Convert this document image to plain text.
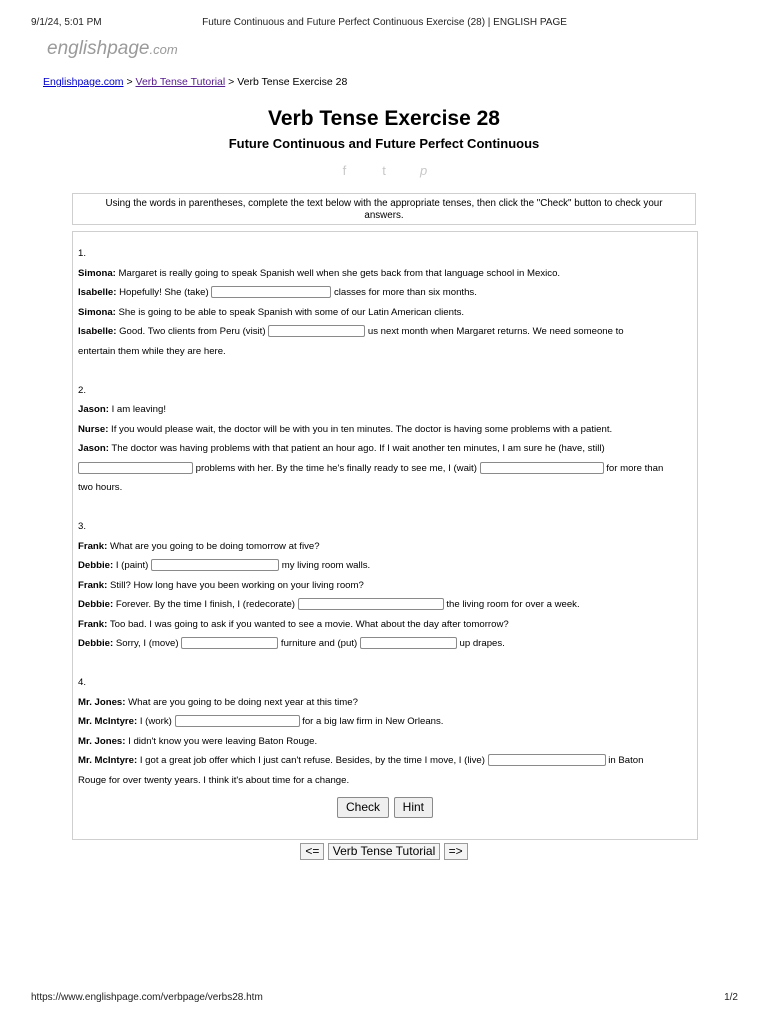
9/1/24, 5:01 PM	Future Continuous and Future Perfect Continuous Exercise (28) | ENGLISH PAGE
englishpage.com
Englishpage.com > Verb Tense Tutorial > Verb Tense Exercise 28
Verb Tense Exercise 28
Future Continuous and Future Perfect Continuous
f	t	p
Using the words in parentheses, complete the text below with the appropriate tenses, then click the "Check" button to check your answers.

1.

Simona: Margaret is really going to speak Spanish well when she gets back from that language school in Mexico.

Isabelle: Hopefully! She (take)	classes for more than six months.

Simona: She is going to be able to speak Spanish with some of our Latin American clients.

Isabelle: Good. Two clients from Peru (visit)	us next month when Margaret returns. We need someone to

entertain them while they are here.

2.

Jason: I am leaving!

Nurse: If you would please wait, the doctor will be with you in ten minutes. The doctor is having some problems with a patient.

Jason: The doctor was having problems with that patient an hour ago. If I wait another ten minutes, I am sure he (have, still)

problems with her. By the time he's finally ready to see me, I (wait)	for more than

two hours.

3.

Frank: What are you going to be doing tomorrow at five?

Debbie: I (paint)	my living room walls.

Frank: Still? How long have you been working on your living room?

Debbie: Forever. By the time I finish, I (redecorate)	the living room for over a week.

Frank: Too bad. I was going to ask if you wanted to see a movie. What about the day after tomorrow?

Debbie: Sorry, I (move)	furniture and (put)	up drapes.

4.

Mr. Jones: What are you going to be doing next year at this time?

Mr. McIntyre: I (work)	for a big law firm in New Orleans.

Mr. Jones: I didn't know you were leaving Baton Rouge.

Mr. McIntyre: I got a great job offer which I just can't refuse. Besides, by the time I move, I (live)	in Baton

Rouge for over twenty years. I think it's about time for a change.

Check Hint
<= Verb Tense Tutorial =>
https://www.englishpage.com/verbpage/verbs28.htm	1/2
